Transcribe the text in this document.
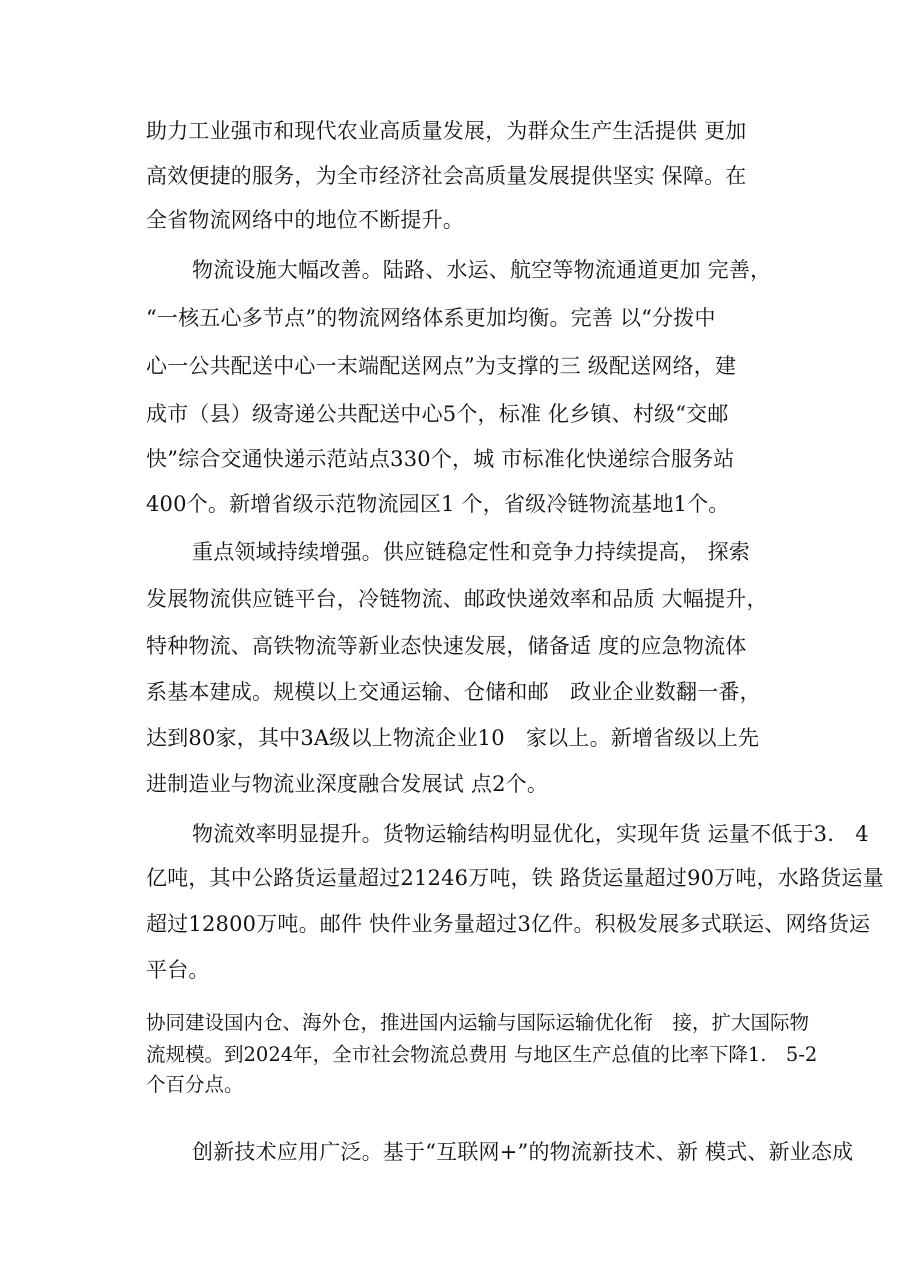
助力工业强市和现代农业高质量发展，为群众生产生活提供 更加
高效便捷的服务，为全市经济社会高质量发展提供坚实 保障。在
全省物流网络中的地位不断提升。
物流设施大幅改善。陆路、水运、航空等物流通道更加 完善，
“一核五心多节点”的物流网络体系更加均衡。完善 以“分拨中
心一公共配送中心一末端配送网点”为支撑的三 级配送网络，建
成市（县）级寄递公共配送中心5个，标准 化乡镇、村级“交邮
快”综合交通快递示范站点330个，城 市标准化快递综合服务站
400个。新增省级示范物流园区1 个，省级冷链物流基地1个。
重点领域持续增强。供应链稳定性和竞争力持续提高， 探索
发展物流供应链平台，冷链物流、邮政快递效率和品质 大幅提升，
特种物流、高铁物流等新业态快速发展，储备适 度的应急物流体
系基本建成。规模以上交通运输、仓储和邮　政业企业数翻一番，
达到80家，其中3A级以上物流企业10　家以上。新增省级以上先
进制造业与物流业深度融合发展试 点2个。
物流效率明显提升。货物运输结构明显优化，实现年货 运量不低于3.　4
亿吨，其中公路货运量超过21246万吨，铁 路货运量超过90万吨，水路货运量
超过12800万吨。邮件 快件业务量超过3亿件。积极发展多式联运、网络货运
平台。
协同建设国内仓、海外仓，推进国内运输与国际运输优化衔　接，扩大国际物
流规模。到2024年，全市社会物流总费用 与地区生产总值的比率下降1.　5-2
个百分点。
创新技术应用广泛。基于“互联网+”的物流新技术、新 模式、新业态成
